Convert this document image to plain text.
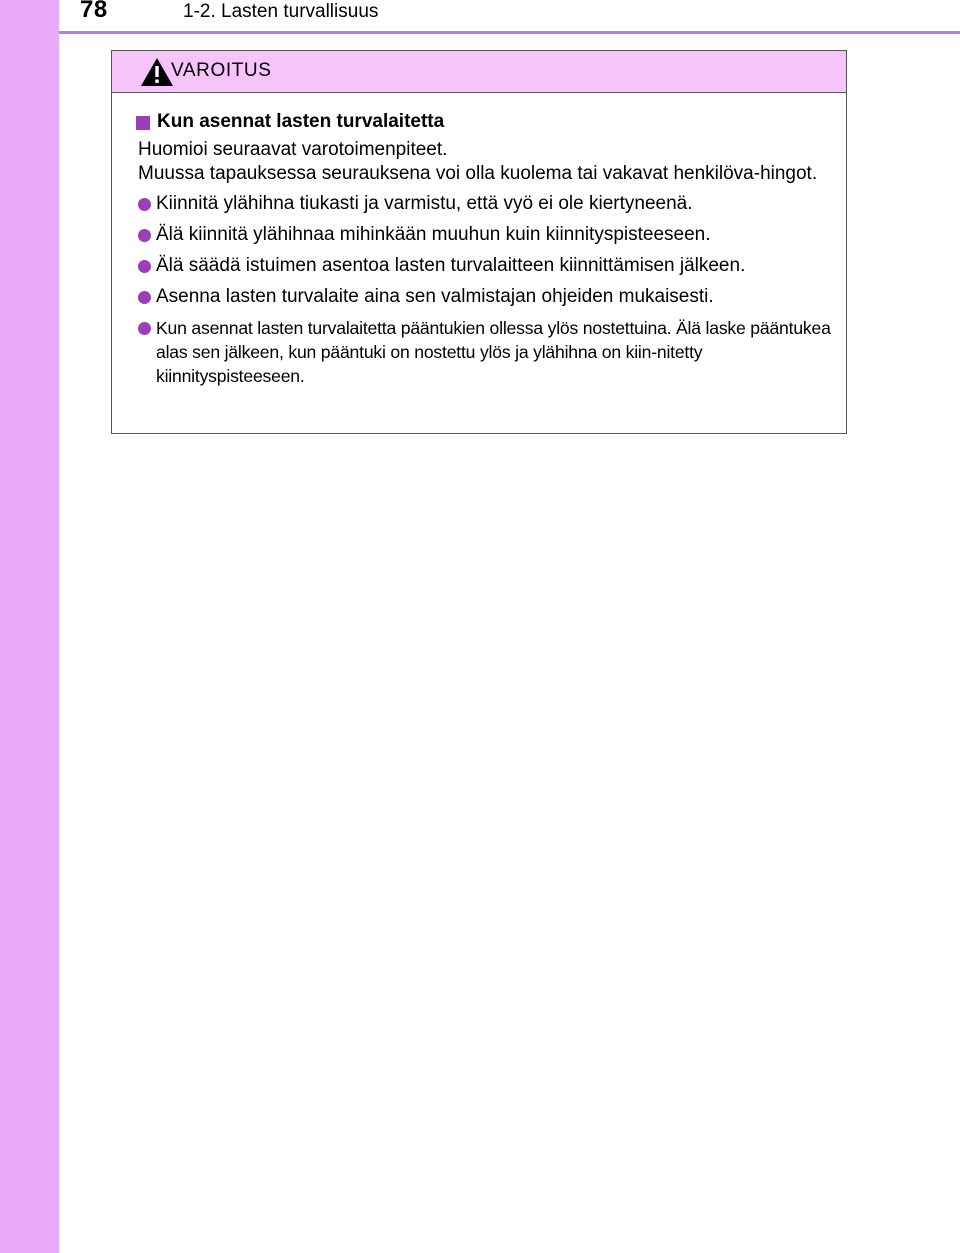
78	1-2. Lasten turvallisuus
VAROITUS
Kun asennat lasten turvalaitetta

Huomioi seuraavat varotoimenpiteet.

Muussa tapauksessa seurauksena voi olla kuolema tai vakavat henkilöva-hingot.

Kiinnitä ylähihna tiukasti ja varmistu, että vyö ei ole kiertyneenä.
Älä kiinnitä ylähihnaa mihinkään muuhun kuin kiinnityspisteeseen.
Älä säädä istuimen asentoa lasten turvalaitteen kiinnittämisen jälkeen.
Asenna lasten turvalaite aina sen valmistajan ohjeiden mukaisesti.
Kun asennat lasten turvalaitetta pääntukien ollessa ylös nostettuina. Älä laske pääntukea alas sen jälkeen, kun pääntuki on nostettu ylös ja ylähihna on kiin-nitetty kiinnityspisteeseen.
